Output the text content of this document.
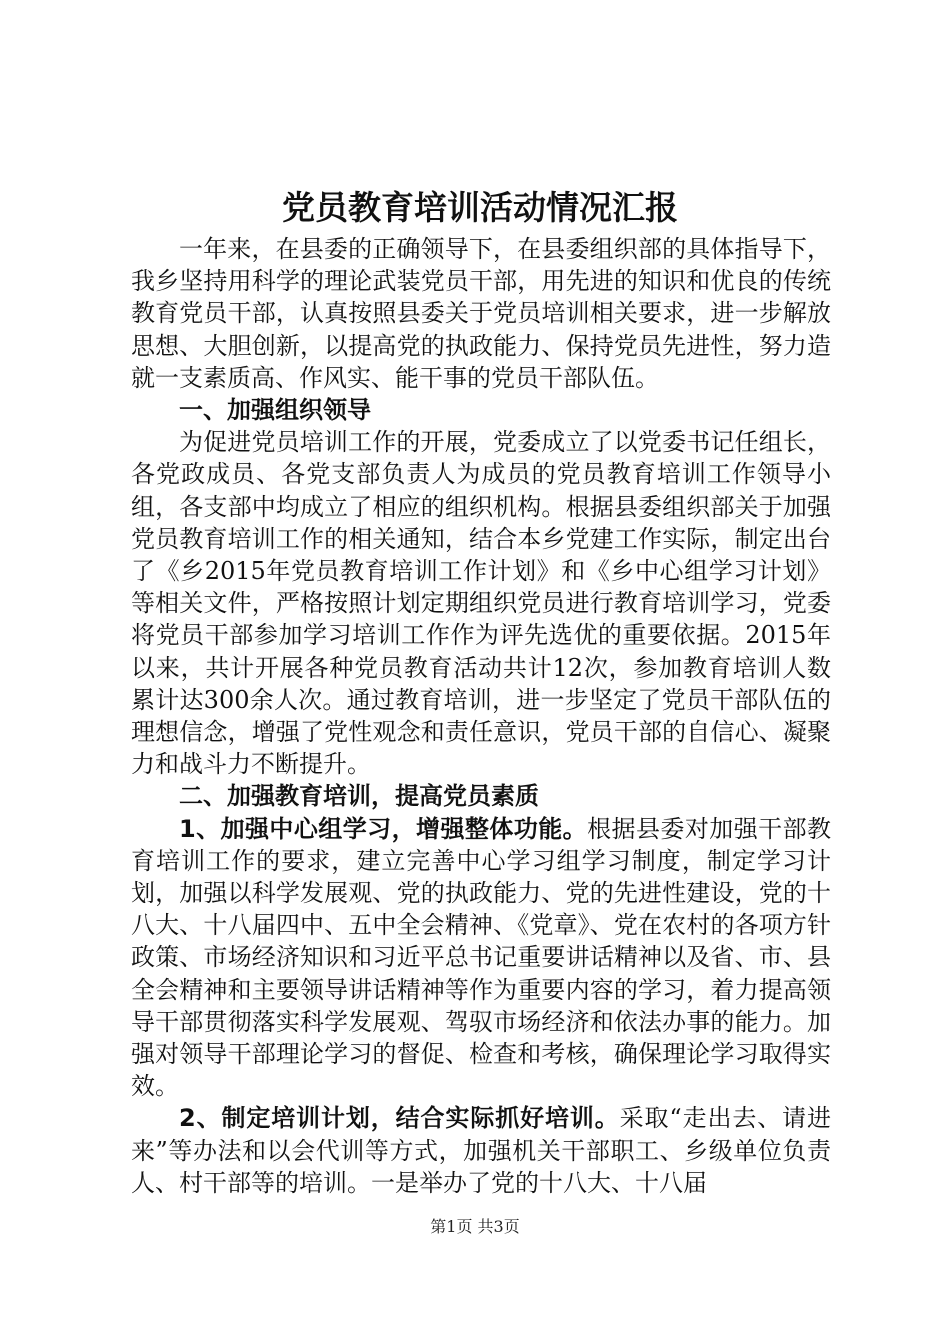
党员教育培训活动情况汇报

一年来，在县委的正确领导下，在县委组织部的具体指导下，我乡坚持用科学的理论武装党员干部，用先进的知识和优良的传统教育党员干部，认真按照县委关于党员培训相关要求，进一步解放思想、大胆创新，以提高党的执政能力、保持党员先进性，努力造就一支素质高、作风实、能干事的党员干部队伍。

一、加强组织领导

为促进党员培训工作的开展，党委成立了以党委书记任组长，各党政成员、各党支部负责人为成员的党员教育培训工作领导小组，各支部中均成立了相应的组织机构。根据县委组织部关于加强党员教育培训工作的相关通知，结合本乡党建工作实际，制定出台了《乡2015年党员教育培训工作计划》和《乡中心组学习计划》等相关文件，严格按照计划定期组织党员进行教育培训学习，党委将党员干部参加学习培训工作作为评先选优的重要依据。2015年以来，共计开展各种党员教育活动共计12次，参加教育培训人数累计达300余人次。通过教育培训，进一步坚定了党员干部队伍的理想信念，增强了党性观念和责任意识，党员干部的自信心、凝聚力和战斗力不断提升。

二、加强教育培训，提高党员素质

1、加强中心组学习，增强整体功能。根据县委对加强干部教育培训工作的要求，建立完善中心学习组学习制度，制定学习计划，加强以科学发展观、党的执政能力、党的先进性建设，党的十八大、十八届四中、五中全会精神、《党章》、党在农村的各项方针政策、市场经济知识和习近平总书记重要讲话精神以及省、市、县全会精神和主要领导讲话精神等作为重要内容的学习，着力提高领导干部贯彻落实科学发展观、驾驭市场经济和依法办事的能力。加强对领导干部理论学习的督促、检查和考核，确保理论学习取得实效。

2、制定培训计划，结合实际抓好培训。采取“走出去、请进来”等办法和以会代训等方式，加强机关干部职工、乡级单位负责人、村干部等的培训。一是举办了党的十八大、十八届

第1页 共3页
